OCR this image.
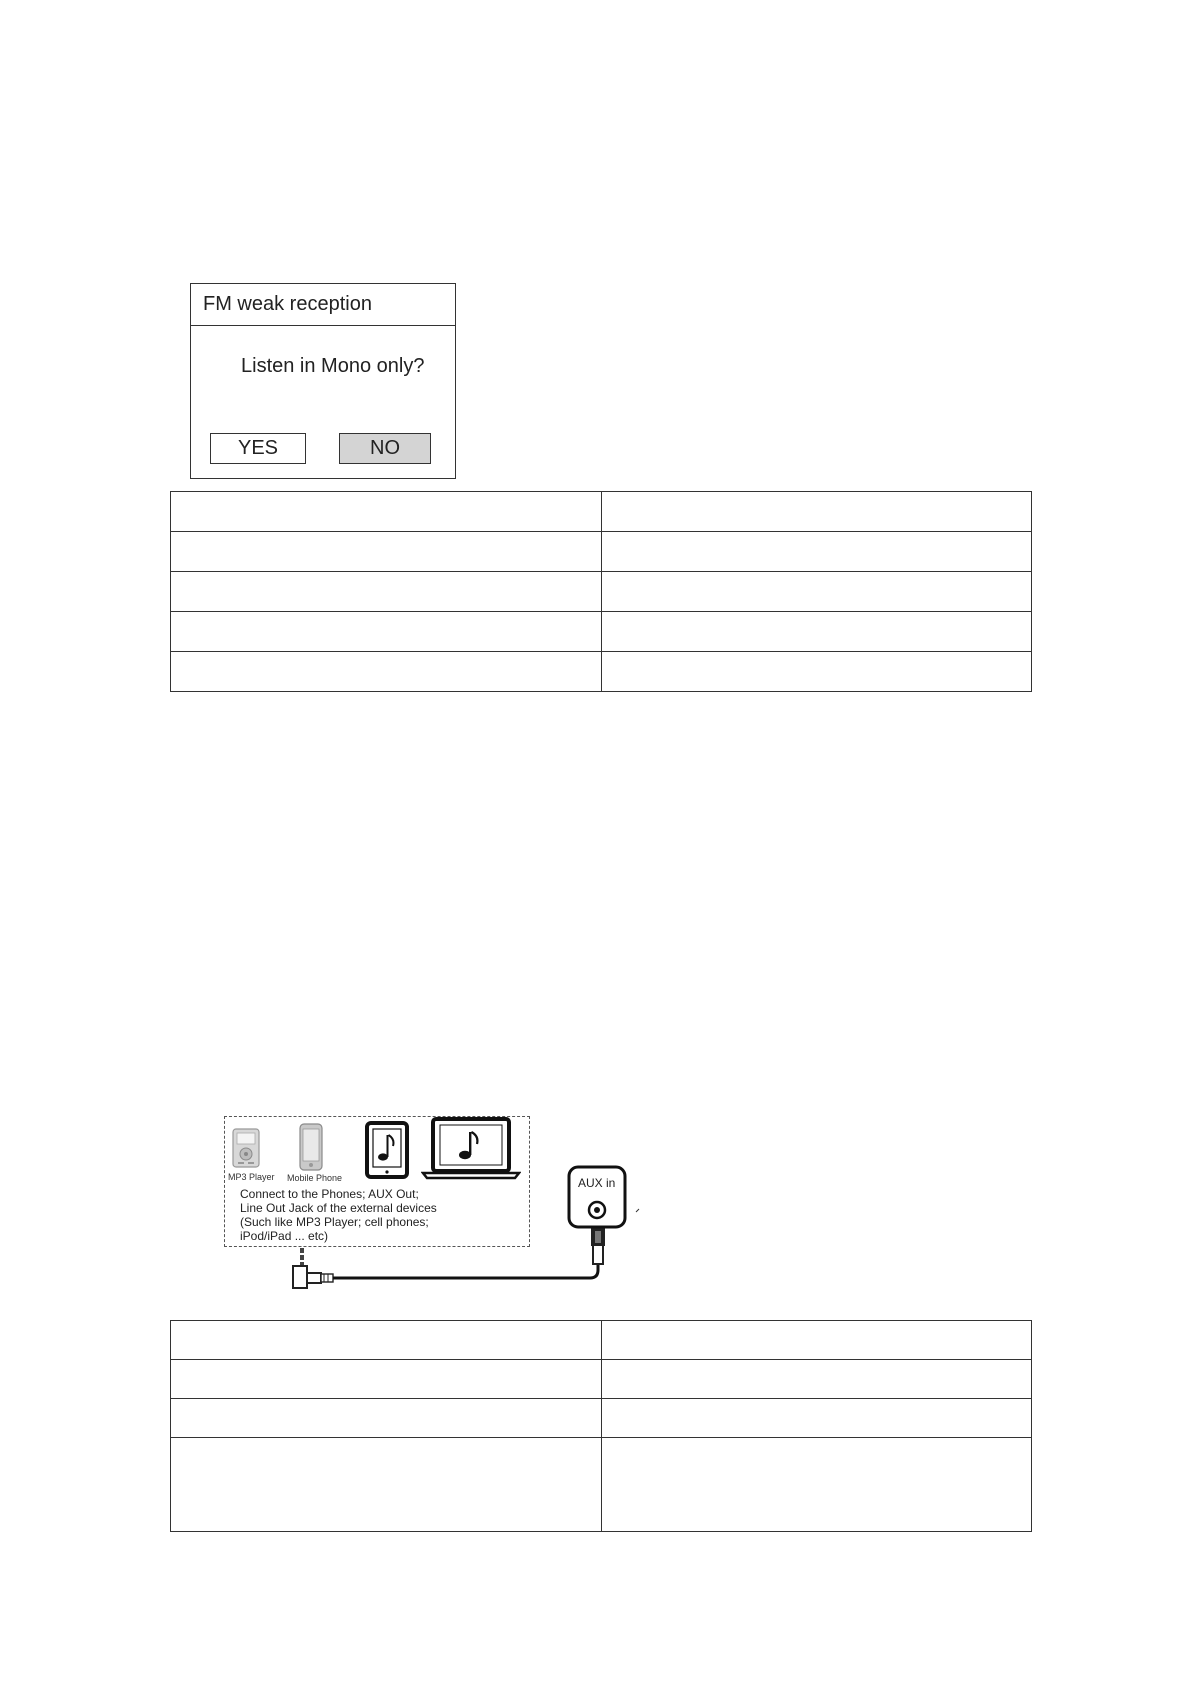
FM weak reception
Listen in Mono only?
YES	NO

MP3 Player Mobile Phone
Connect to the Phones; AUX Out;
Line Out Jack of the external devices
(Such like MP3 Player; cell phones;
iPod/iPad ... etc)
AUX in
